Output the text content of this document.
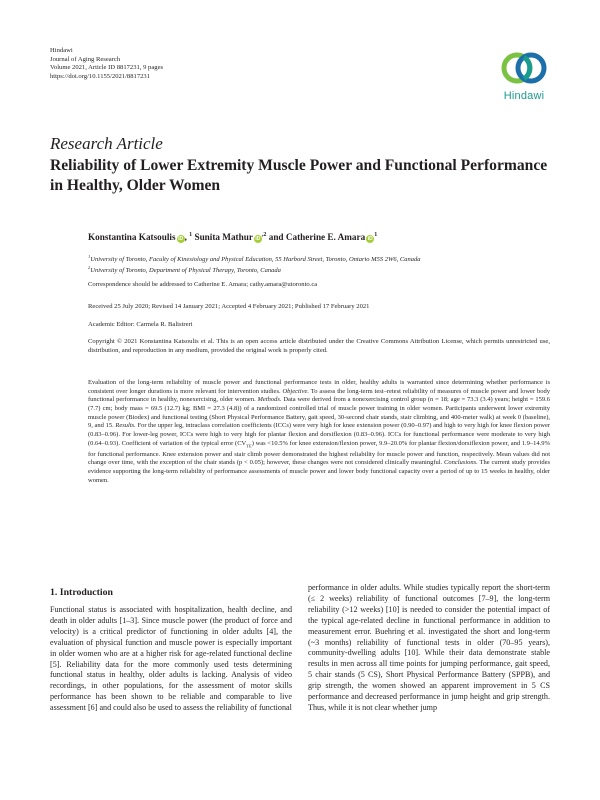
Hindawi
Journal of Aging Research
Volume 2021, Article ID 8817231, 9 pages
https://doi.org/10.1155/2021/8817231
Hindawi
Research Article
Reliability of Lower Extremity Muscle Power and Functional Performance in Healthy, Older Women
Konstantina Katsoulis iD , $^1$ Sunita Mathur $iD^{,2}$ and Catherine E. Amara $iD^1$
$^1$University of Toronto, Faculty of Kinesiology and Physical Education, 55 Harbord Street, Toronto, Ontario M5S 2W6, Canada
$^2$University of Toronto, Department of Physical Therapy, Toronto, Canada
Correspondence should be addressed to Catherine E. Amara; cathy.amara@utoronto.ca
Received 25 July 2020; Revised 14 January 2021; Accepted 4 February 2021; Published 17 February 2021
Academic Editor: Carmela R. Balistreri
Copyright © 2021 Konstantina Katsoulis et al. This is an open access article distributed under the Creative Commons Attribution License, which permits unrestricted use, distribution, and reproduction in any medium, provided the original work is properly cited.
Evaluation of the long-term reliability of muscle power and functional performance tests in older, healthy adults is warranted since determining whether performance is consistent over longer durations is more relevant for intervention studies. Objective. To assess the long-term test–retest reliability of measures of muscle power and lower body functional performance in healthy, nonexercising, older women. Methods. Data were derived from a nonexercising control group (n = 18; age = 73.3 (3.4) years; height = 159.6 (7.7) cm; body mass = 69.5 (12.7) kg; BMI = 27.3 (4.8)) of a randomized controlled trial of muscle power training in older women. Participants underwent lower extremity muscle power (Biodex) and functional testing (Short Physical Performance Battery, gait speed, 30-second chair stands, stair climbing, and 400-meter walk) at week 0 (baseline), 9, and 15. Results. For the upper leg, intraclass correlation coefficients (ICCs) were very high for knee extension power (0.90–0.97) and high to very high for knee flexion power (0.83–0.96). For lower-leg power, ICCs were high to very high for plantar flexion and dorsiflexion (0.83–0.96). ICCs for functional performance were moderate to very high (0.64–0.93). Coefficient of variation of the typical error $(CV_{TE})$ was <10.5% for knee extension/flexion power, 9.9–20.0% for plantar flexion/dorsiflexion power, and 1.9–14.9% for functional performance. Knee extension power and stair climb power demonstrated the highest reliability for muscle power and function, respectively. Mean values did not change over time, with the exception of the chair stands (p < 0.05); however, these changes were not considered clinically meaningful. Conclusions. The current study provides evidence supporting the long-term reliability of performance assessments of muscle power and lower body functional capacity over a period of up to 15 weeks in healthy, older women.
1. Introduction
Functional status is associated with hospitalization, health decline, and death in older adults [1–3]. Since muscle power (the product of force and velocity) is a critical predictor of functioning in older adults [4], the evaluation of physical function and muscle power is especially important in older women who are at a higher risk for age-related functional decline [5]. Reliability data for the more commonly used tests determining functional status in healthy, older adults is lacking. Analysis of video recordings, in other populations, for the assessment of motor skills performance has been shown to be reliable and comparable to live assessment [6] and could also be used to assess the reliability of functional
performance in older adults. While studies typically report the short-term (≤ 2 weeks) reliability of functional outcomes [7–9], the long-term reliability (>12 weeks) [10] is needed to consider the potential impact of the typical age-related decline in functional performance in addition to measurement error. Buehring et al. investigated the short and long-term (~3 months) reliability of functional tests in older (70–95 years), community-dwelling adults [10]. While their data demonstrate stable results in men across all time points for jumping performance, gait speed, 5 chair stands (5 CS), Short Physical Performance Battery (SPPB), and grip strength, the women showed an apparent improvement in 5 CS performance and decreased performance in jump height and grip strength. Thus, while it is not clear whether jump
